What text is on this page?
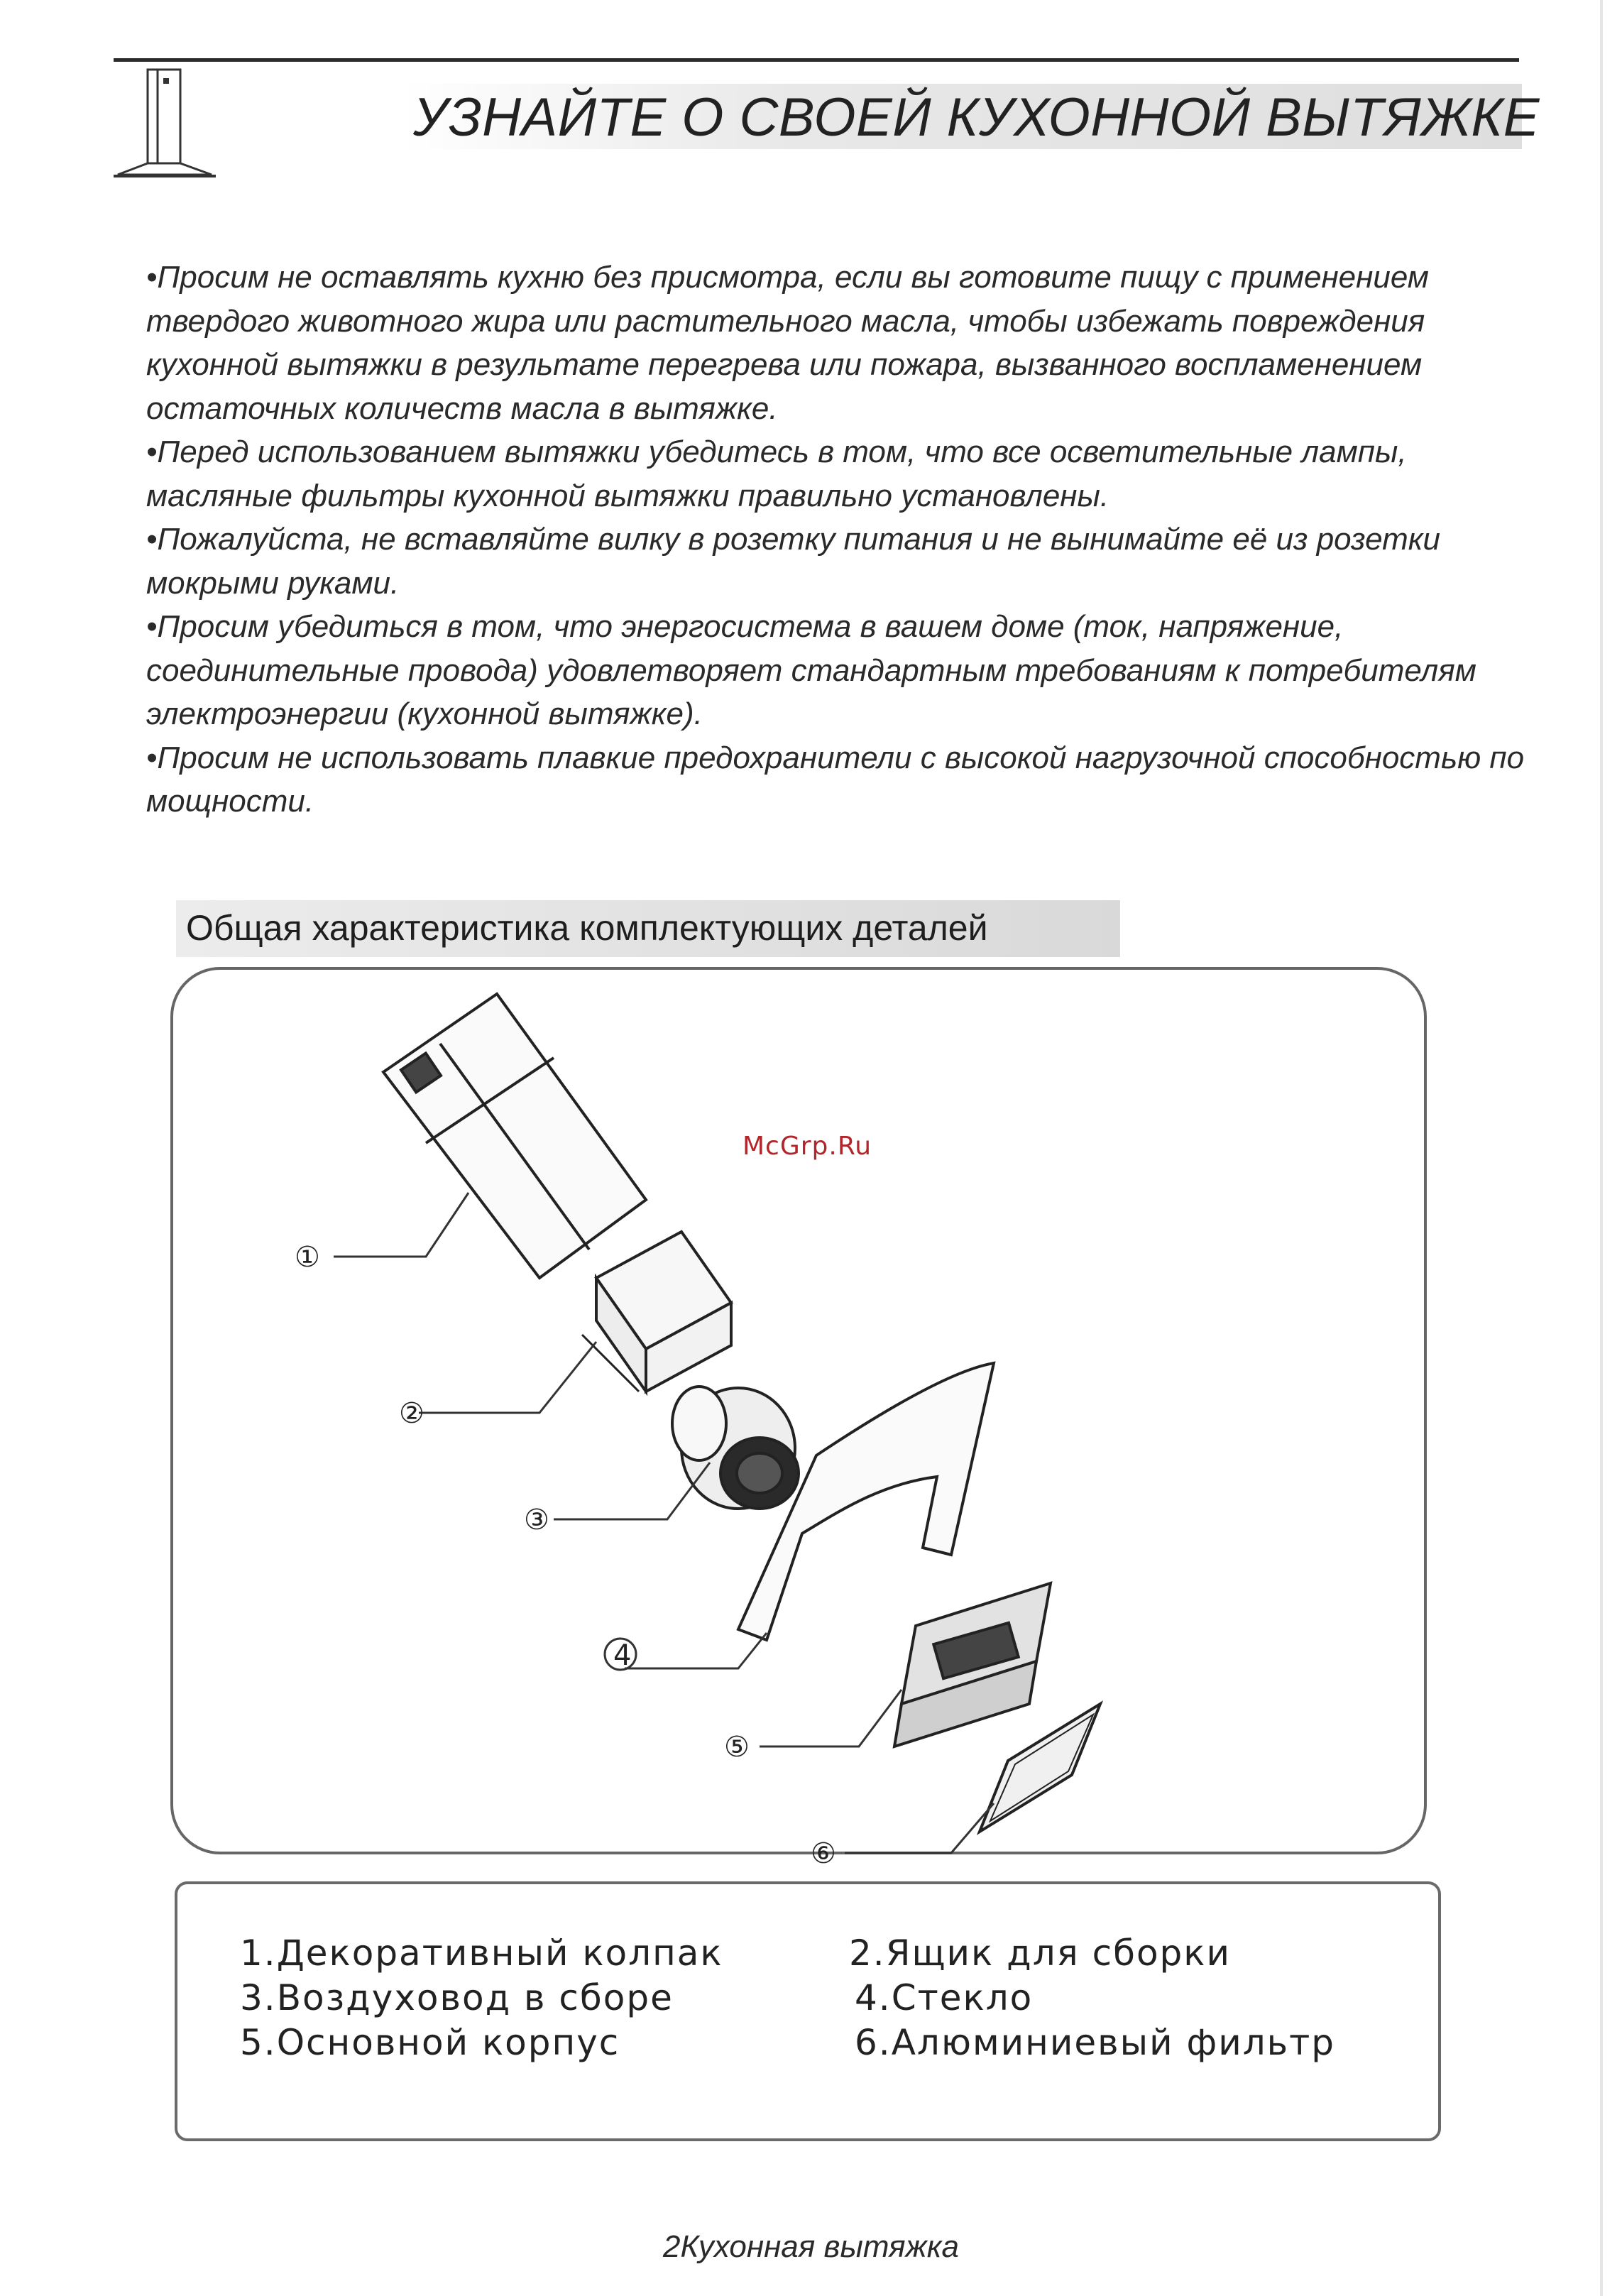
УЗНАЙТЕ О СВОЕЙ КУХОННОЙ ВЫТЯЖКЕ

•Просим не оставлять кухню без присмотра, если вы готовите пищу с применением твердого животного жира или растительного масла, чтобы избежать повреждения кухонной вытяжки в результате перегрева или пожара, вызванного воспламенением остаточных количеств масла в вытяжке.

•Перед использованием вытяжки убедитесь в том, что все осветительные лампы, масляные фильтры кухонной вытяжки правильно установлены.

•Пожалуйста, не вставляйте вилку в розетку питания и не вынимайте её из розетки мокрыми руками.

•Просим убедиться в том, что энергосистема в вашем доме (ток, напряжение, соединительные провода) удовлетворяет стандартным требованиям к потребителям электроэнергии (кухонной вытяжке).

•Просим не использовать плавкие предохранители с высокой нагрузочной способностью по мощности.

Общая характеристика комплектующих деталей
①
②
③
4
⑤
⑥
McGrp.Ru
1.Декоративный колпак	2.Ящик для сборки
3.Воздуховод в сборе	4.Стекло
5.Основной корпус	6.Алюминиевый фильтр
2Кухонная вытяжка
